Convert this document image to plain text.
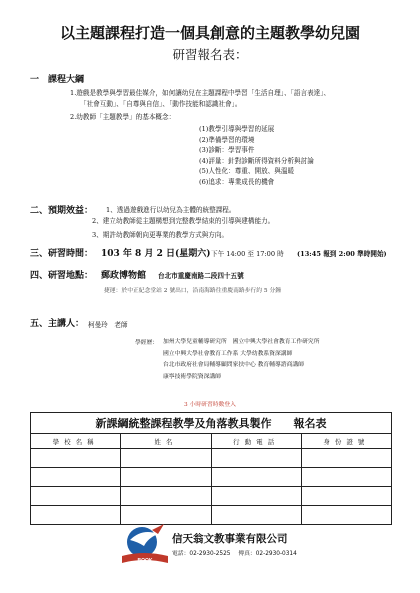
以主題課程打造一個具創意的主題教學幼兒園
研習報名表：
一　課程大綱
1.遊戲是教學與學習最佳媒介，如何讓幼兒在主題課程中學習「生活自理」、「語言表達」、
「社會互動」、「自尊與自信」、「動作技能和認識社會」。
2.幼教師「主題教學」的基本概念：
(1)教學引導與學習的延展
(2)準備學習的環境
(3)診斷：學習事件
(4)評量：針對診斷所得資料分析與討論
(5)人性化：尊重、開放、與溫暖
(6)追求：專業成長的機會
二、預期效益： 1、透過遊戲進行以幼兒為主體的統整課程。
2、建立幼教師從主題構想到完整教學結束的引導與建構能力。
3、期許幼教師朝向更專業的教學方式與方向。
三、研習時間： 103 年 8 月 2 日(星期六) 下午 14:00 至 17:00 時 (13:45 報到 2:00 準時開始)
四、研習地點： 郵政博物館 台北市重慶南路二段四十五號
捷運：於中正紀念堂站 2 號出口，沿南海路往重慶南路步行約 5 分鐘
五、主講人： 柯曼玲　老師
學經歷： 加州大學兒童輔導研究所　國立中興大學社會教育工作研究所
國立中興大學社會教育工作系 大學幼教系資深講師
台北市政府社會局輔導顧問家扶中心 教育輔導諮商講師
康寧技術學院資深講師
3 小時研習時數登入
新課綱統整課程教學及角落教具製作　　報名表			
學校名稱	姓名	行動電話	身份證號

BOOK
信天翁文教事業有限公司
電話：02-2930-2525 傳真：02-2930-0314
